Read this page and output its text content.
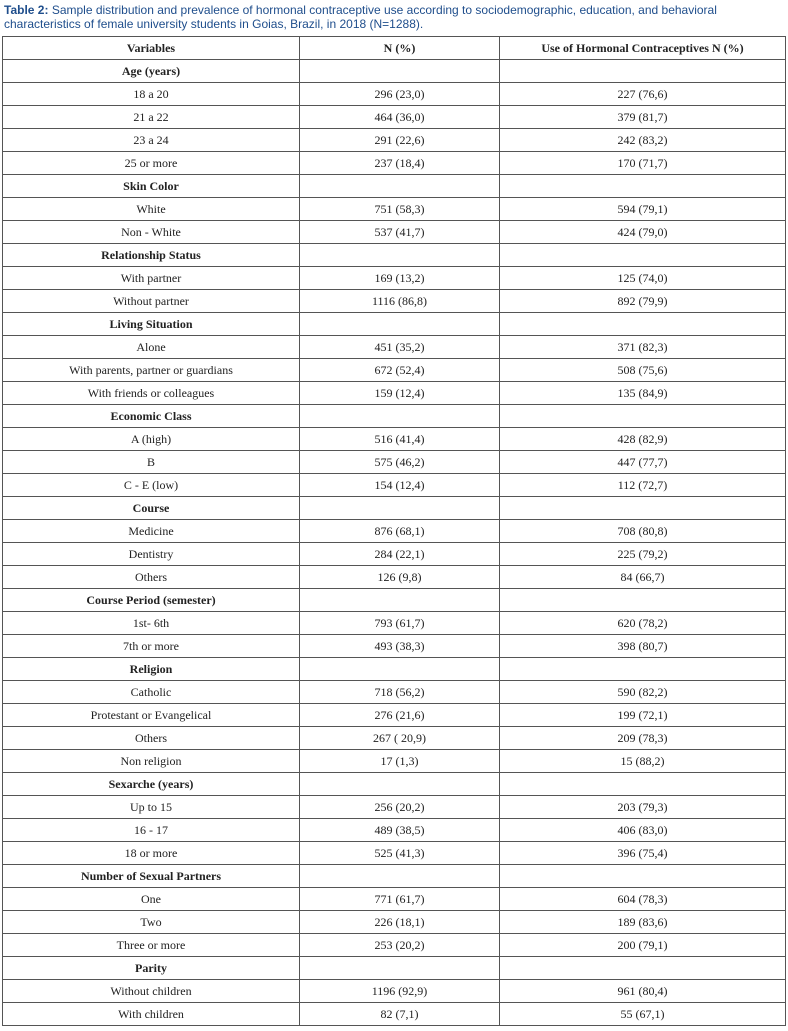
Table 2: Sample distribution and prevalence of hormonal contraceptive use according to sociodemographic, education, and behavioral characteristics of female university students in Goias, Brazil, in 2018 (N=1288).
Variables	N (%)	Use of Hormonal Contraceptives N (%)
Age (years)		
18 a 20	296 (23,0)	227 (76,6)
21 a 22	464 (36,0)	379 (81,7)
23 a 24	291 (22,6)	242 (83,2)
25 or more	237 (18,4)	170 (71,7)
Skin Color		
White	751 (58,3)	594 (79,1)
Non - White	537 (41,7)	424 (79,0)
Relationship Status		
With partner	169 (13,2)	125 (74,0)
Without partner	1116 (86,8)	892 (79,9)
Living Situation		
Alone	451 (35,2)	371 (82,3)
With parents, partner or guardians	672 (52,4)	508 (75,6)
With friends or colleagues	159 (12,4)	135 (84,9)
Economic Class		
A (high)	516 (41,4)	428 (82,9)
B	575 (46,2)	447 (77,7)
C - E (low)	154 (12,4)	112 (72,7)
Course		
Medicine	876 (68,1)	708 (80,8)
Dentistry	284 (22,1)	225 (79,2)
Others	126 (9,8)	84 (66,7)
Course Period (semester)		
1st- 6th	793 (61,7)	620 (78,2)
7th or more	493 (38,3)	398 (80,7)
Religion		
Catholic	718 (56,2)	590 (82,2)
Protestant or Evangelical	276 (21,6)	199 (72,1)
Others	267 ( 20,9)	209 (78,3)
Non religion	17 (1,3)	15 (88,2)
Sexarche (years)		
Up to 15	256 (20,2)	203 (79,3)
16 - 17	489 (38,5)	406 (83,0)
18 or more	525 (41,3)	396 (75,4)
Number of Sexual Partners		
One	771 (61,7)	604 (78,3)
Two	226 (18,1)	189 (83,6)
Three or more	253 (20,2)	200 (79,1)
Parity		
Without children	1196 (92,9)	961 (80,4)
With children	82 (7,1)	55 (67,1)
